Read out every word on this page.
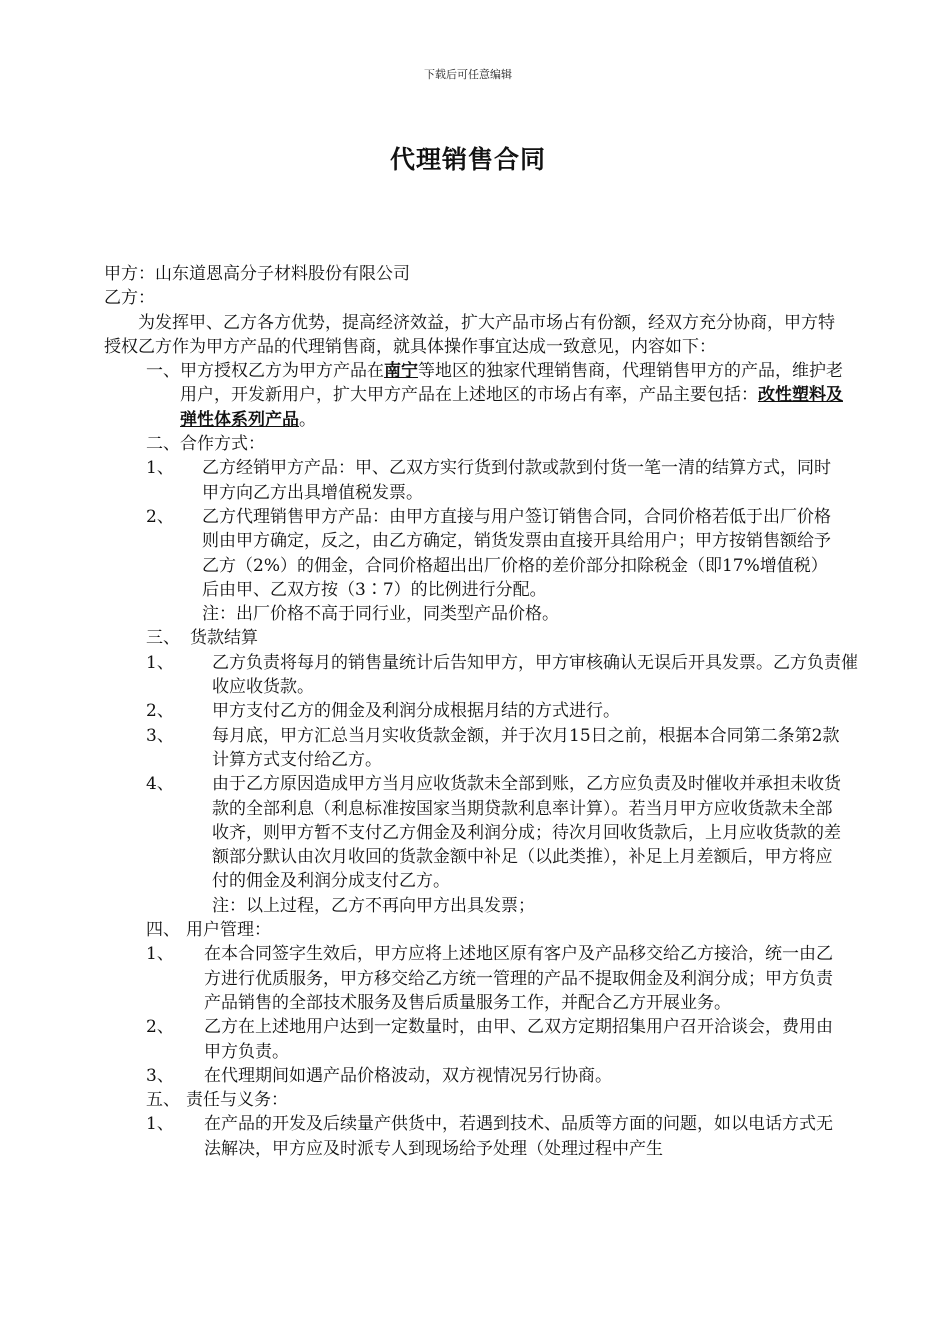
下载后可任意编辑
代理销售合同

甲方：山东道恩高分子材料股份有限公司

乙方：

为发挥甲、乙方各方优势，提高经济效益，扩大产品市场占有份额，经双方充分协商，甲方特授权乙方作为甲方产品的代理销售商，就具体操作事宜达成一致意见，内容如下：

一、 甲方授权乙方为甲方产品在南宁等地区的独家代理销售商，代理销售甲方的产品，维护老用户，开发新用户，扩大甲方产品在上述地区的市场占有率，产品主要包括：改性塑料及弹性体系列产品。

二、合作方式：

1、	乙方经销甲方产品：甲、乙双方实行货到付款或款到付货一笔一清的结算方式，同时甲方向乙方出具增值税发票。
2、	乙方代理销售甲方产品：由甲方直接与用户签订销售合同，合同价格若低于出厂价格则由甲方确定，反之，由乙方确定，销货发票由直接开具给用户；甲方按销售额给予乙方（2%）的佣金，合同价格超出出厂价格的差价部分扣除税金（即17%增值税）后由甲、乙双方按（3∶7）的比例进行分配。

注：出厂价格不高于同行业，同类型产品价格。

三、 货款结算
1、	乙方负责将每月的销售量统计后告知甲方，甲方审核确认无误后开具发票。乙方负责催收应收货款。
2、	甲方支付乙方的佣金及利润分成根据月结的方式进行。
3、	每月底，甲方汇总当月实收货款金额，并于次月15日之前，根据本合同第二条第2款计算方式支付给乙方。
4、	由于乙方原因造成甲方当月应收货款未全部到账，乙方应负责及时催收并承担未收货款的全部利息（利息标准按国家当期贷款利息率计算）。若当月甲方应收货款未全部收齐，则甲方暂不支付乙方佣金及利润分成；待次月回收货款后，上月应收货款的差额部分默认由次月收回的货款金额中补足（以此类推），补足上月差额后，甲方将应付的佣金及利润分成支付乙方。

注：以上过程，乙方不再向甲方出具发票；

四、 用户管理：
1、	在本合同签字生效后，甲方应将上述地区原有客户及产品移交给乙方接洽，统一由乙方进行优质服务，甲方移交给乙方统一管理的产品不提取佣金及利润分成；甲方负责产品销售的全部技术服务及售后质量服务工作，并配合乙方开展业务。
2、	乙方在上述地用户达到一定数量时，由甲、乙双方定期招集用户召开洽谈会，费用由甲方负责。
3、	在代理期间如遇产品价格波动，双方视情况另行协商。
五、 责任与义务：
1、	在产品的开发及后续量产供货中，若遇到技术、品质等方面的问题，如以电话方式无法解决，甲方应及时派专人到现场给予处理（处理过程中产生
